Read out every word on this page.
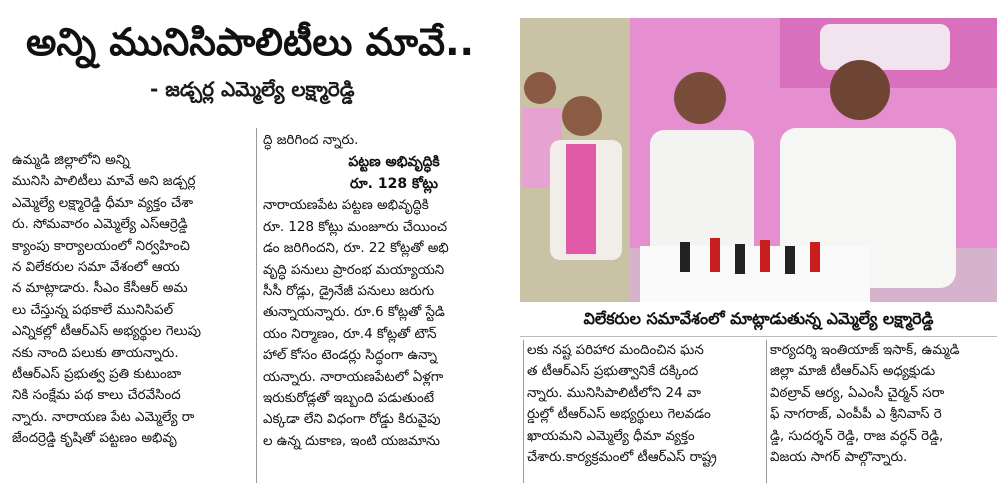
అన్ని మునిసిపాలిటీలు మావే..
- జడ్చర్ల ఎమ్మెల్యే లక్ష్మారెడ్డి
ఉమ్మడి జిల్లాలోని అన్ని
మునిసి పాలిటీలు మావే అని జడ్చర్ల
ఎమ్మెల్యే లక్ష్మారెడ్డి ధీమా వ్యక్తం చేశా
రు. సోమవారం ఎమ్మెల్యే ఎస్ఆర్రెడ్డి
క్యాంపు కార్యాలయంలో నిర్వహించి
న విలేకరుల సమా వేశంలో ఆయ
న మాట్లాడారు. సీఎం కేసీఆర్ అమ
లు చేస్తున్న పథకాలే మునిసిపల్
ఎన్నికల్లో టీఆర్ఎస్ అభ్యర్థుల గెలుపు
నకు నాంది పలుకు తాయన్నారు.
టీఆర్ఎస్ ప్రభుత్వ ప్రతి కుటుంబా
నికి సంక్షేమ పథ కాలు చేరవేసింద
న్నారు. నారాయణ పేట ఎమ్మెల్యే రా
జేందర్రెడ్డి కృషితో పట్టణం అభివృ
ద్ధి జరిగింద న్నారు.
పట్టణ అభివృద్ధికి
రూ. 128 కోట్లు
నారాయణపేట పట్టణ అభివృద్ధికి
రూ. 128 కోట్లు మంజూరు చేయించ
డం జరిగిందని, రూ. 22 కోట్లతో అభి
వృద్ధి పనులు ప్రారంభ మయ్యాయని
సీసీ రోడ్లు, డ్రైనేజీ పనులు జరుగు
తున్నాయన్నారు. రూ.6 కోట్లతో స్టేడి
యం నిర్మాణం, రూ.4 కోట్లతో టౌన్
హాల్ కోసం టెండర్లు సిద్ధంగా ఉన్నా
యన్నారు. నారాయణపేటలో ఏళ్లగా
ఇరుకురోడ్లతో ఇబ్బంది పడుతుంటే
ఎక్కడా లేని విధంగా రోడ్డు కిరువైపు
ల ఉన్న దుకాణ, ఇంటి యజమాను
విలేకరుల సమావేశంలో మాట్లాడుతున్న ఎమ్మెల్యే లక్ష్మారెడ్డి
లకు నష్ట పరిహార మందించిన ఘన
త టీఆర్ఎస్ ప్రభుత్వానికే దక్కింద
న్నారు. మునిసిపాలిటీలోని 24 వా
ర్డుల్లో టీఆర్ఎస్ అభ్యర్థులు గెలవడం
ఖాయమని ఎమ్మెల్యే ధీమా వ్యక్తం
చేశారు.కార్యక్రమంలో టీఆర్ఎస్ రాష్ట్ర
కార్యదర్శి ఇంతియాజ్ ఇసాక్, ఉమ్మడి
జిల్లా మాజీ టీఆర్ఎస్ అధ్యక్షుడు
విఠల్రావ్ ఆర్య, ఏఎంసీ చైర్మన్ సరా
ఫ్ నాగరాజ్, ఎంపీపీ ఎ శ్రీనివాస్ రె
డ్డి, సుదర్శన్ రెడ్డి, రాజ వర్ధన్ రెడ్డి,
విజయ సాగర్ పాల్గొన్నారు.
